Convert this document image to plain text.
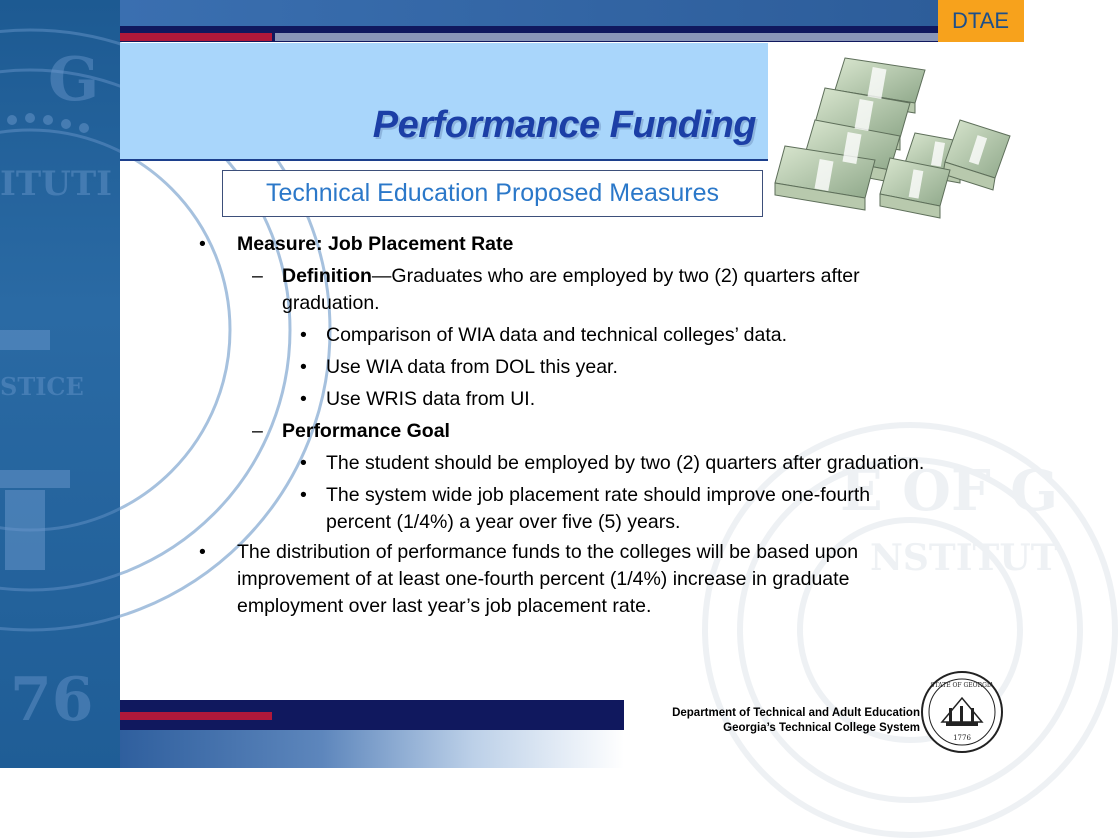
G
ITUTI
STICE
76
DTAE
Performance Funding
Technical Education Proposed Measures
E OF G
NSTITUT
• Measure: Job Placement Rate
– Definition—Graduates who are employed by two (2) quarters after graduation.
• Comparison of WIA data and technical colleges’ data.
• Use WIA data from DOL this year.
• Use WRIS data from UI.
– Performance Goal
• The student should be employed by two (2) quarters after graduation.
• The system wide job placement rate should improve one-fourth percent (1/4%) a year over five (5) years.
• The distribution of performance funds to the colleges will be based upon improvement of at least one-fourth percent (1/4%) increase in graduate employment over last year’s job placement rate.
Department of Technical and Adult Education
Georgia’s Technical College System
1776
STATE OF GEORGIA
